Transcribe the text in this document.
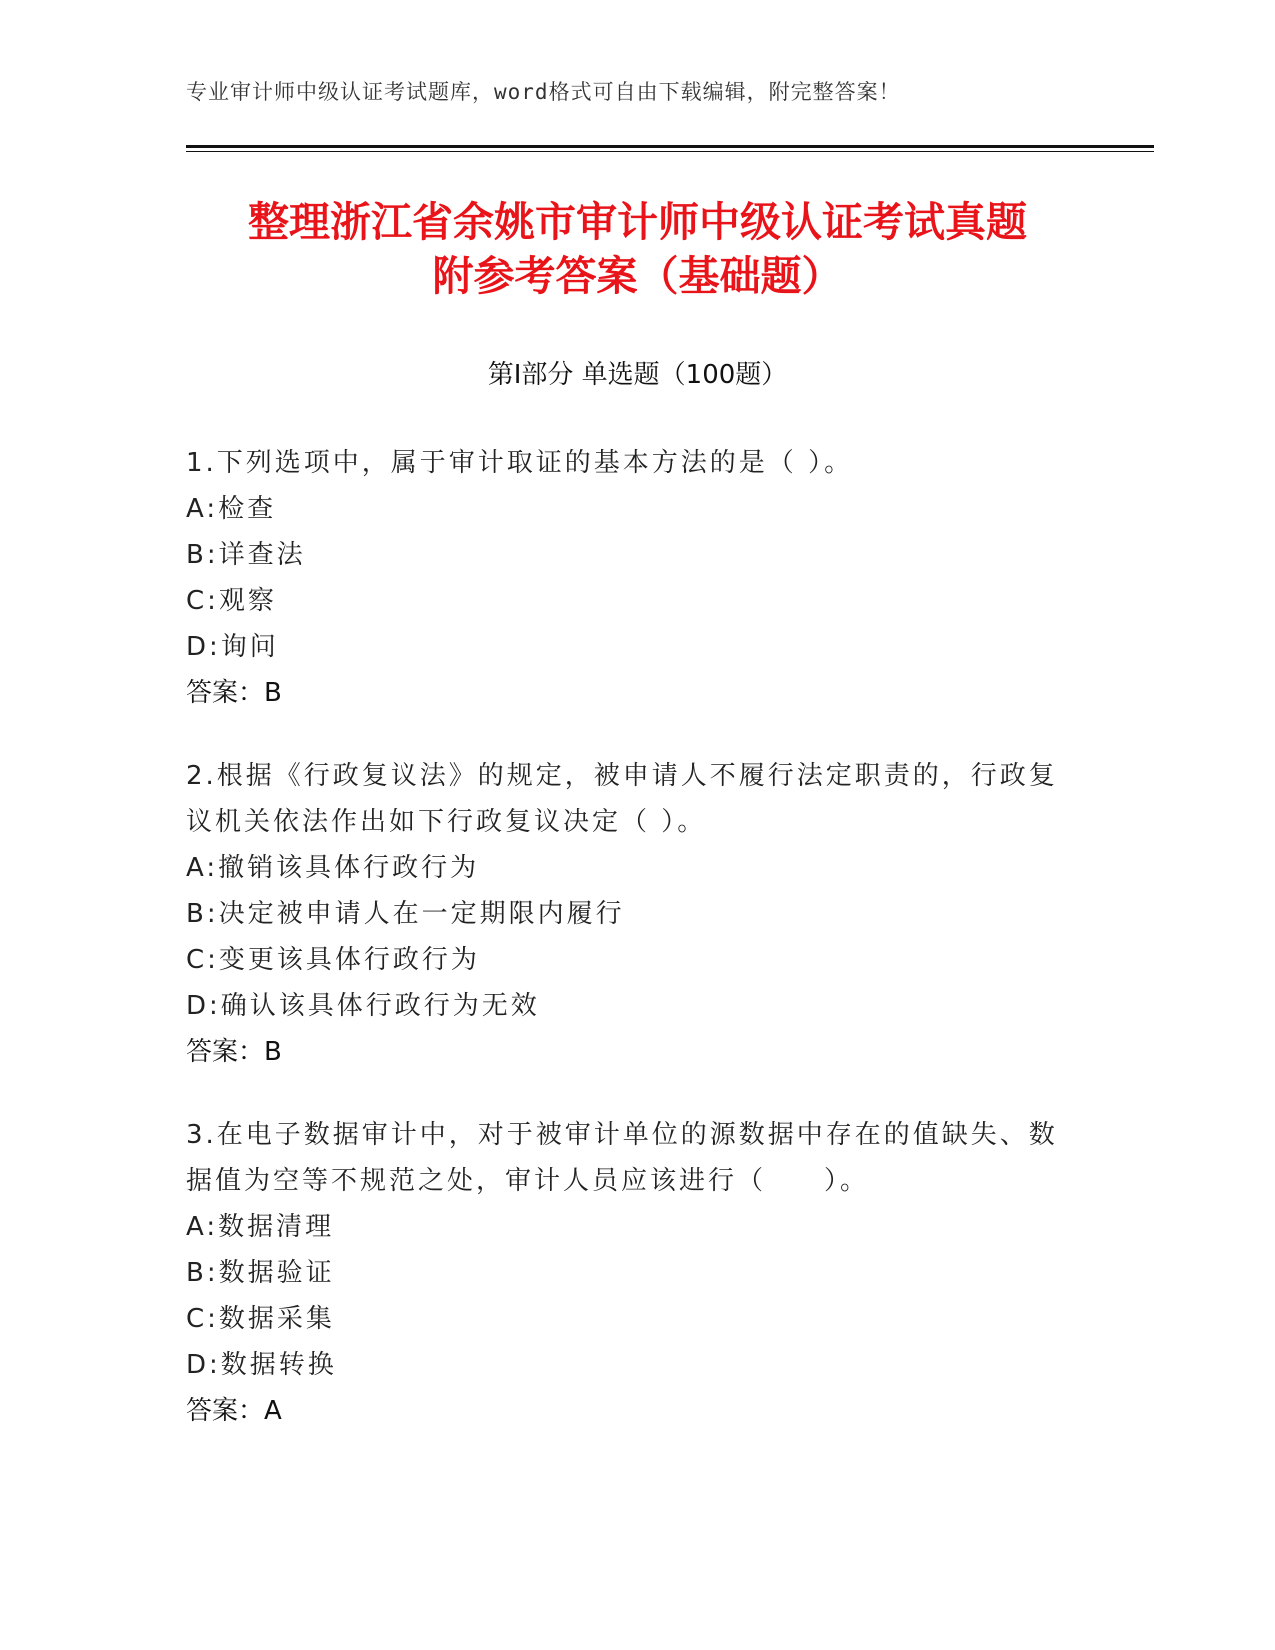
专业审计师中级认证考试题库，word格式可自由下载编辑，附完整答案！
整理浙江省余姚市审计师中级认证考试真题
附参考答案（基础题）
第Ⅰ部分 单选题（100题）
1.下列选项中，属于审计取证的基本方法的是（ ）。
A:检查
B:详查法
C:观察
D:询问
答案：B
2.根据《行政复议法》的规定，被申请人不履行法定职责的，行政复议机关依法作出如下行政复议决定（ ）。
A:撤销该具体行政行为
B:决定被申请人在一定期限内履行
C:变更该具体行政行为
D:确认该具体行政行为无效
答案：B
3.在电子数据审计中，对于被审计单位的源数据中存在的值缺失、数据值为空等不规范之处，审计人员应该进行（　　）。
A:数据清理
B:数据验证
C:数据采集
D:数据转换
答案：A
